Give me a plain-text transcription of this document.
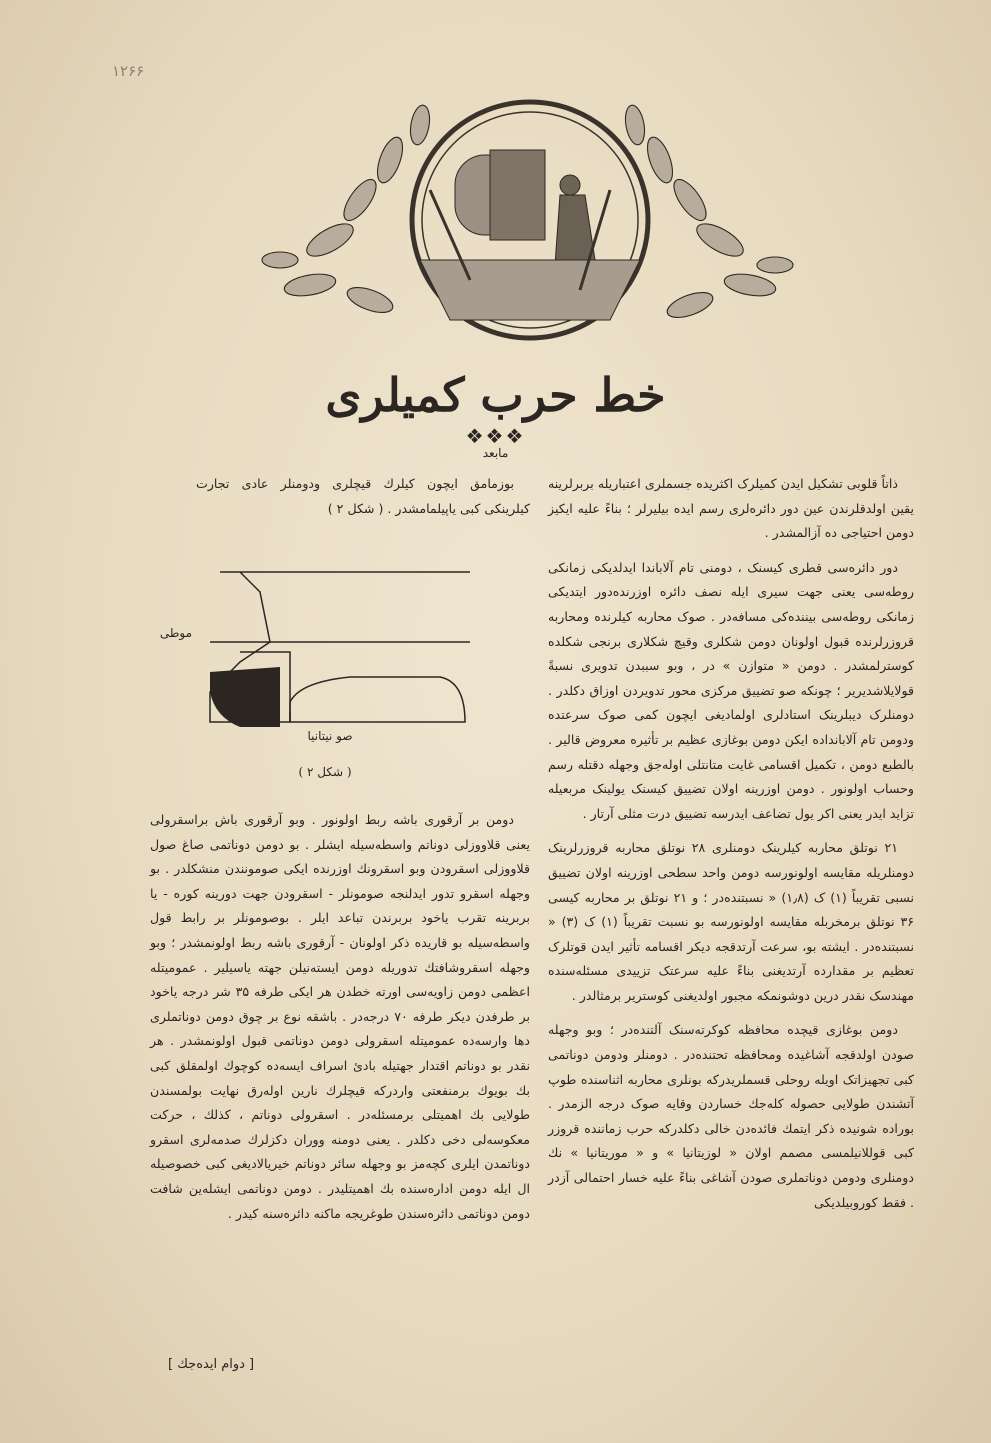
۱۲۶۶
خط حرب کمیلری
❖❖❖
مابعد

ذاتاً قلوبی تشکیل ایدن کمیلرک اکثریده جسملری اعتباریله بربرلرینه یقین اولدقلرندن عین دور دائره‌لری رسم ایده بیلیرلر ؛ بناءً علیه ایکیز دومن احتیاجی ده آزالمشدر .

دور دائره‌سی قطری کیسنک ، دومنی تام آلاباندا ایدلدیکی زمانکی روطه‌سی یعنی جهت سیری ایله نصف دائره اوزرنده‌دور ایتدیکی زمانکی روطه‌سی بیننده‌کی مسافه‌در . صوک محاربه کیلرنده ومحاربه قروزرلرنده قبول اولونان دومن شکلری وقیچ شکلاری برنجی شکلده کوسترلمشدر . دومن « متوازن » در ، وبو سببدن تدویری نسبةً قولایلاشدیریر ؛ چونکه صو تضییق مرکزی محور تدویردن اوزاق دکلدر . دومنلرک دیبلرینک استادلری اولمادیغی ایچون کمی صوک سرعتده ودومن تام آلابانداده ایکن دومن بوغازی عظیم بر تأثیره معروض قالیر . بالطبع دومن ، تکمیل اقسامی غایت متانتلی اوله‌جق وجهله دقتله رسم وحساب اولونور . دومن اوزرینه اولان تضییق کیسنک یولینک مربعیله تزاید ایدر یعنی اکر یول تضاعف ایدرسه تضییق درت مثلی آرتار .

۲۱ نوتلق محاربه کیلرینک دومنلری ۲۸ نوتلق محاربه قروزرلرینک دومنلریله مقایسه اولونورسه دومن واحد سطحی اوزرینه اولان تضییق نسبی تقریباً (۱) ک (۱٫۸) « نسبتنده‌در ؛ و ۲۱ نوتلق بر محاربه کیسی ۳۶ نوتلق برمخربله مقایسه اولونورسه بو نسبت تقریباً (۱) ک (۳) « نسبتنده‌در . ایشته بو، سرعت آرتدقجه دیکر اقسامه تأثیر ایدن قوتلرک تعظیم بر مقدارده آرتدیغنی بناءً علیه سرعتک تزییدی مسئله‌سنده مهندسک نقدر درین دوشونمکه مجبور اولدیغنی کوستریر برمثالدر .

دومن بوغازی قیچده محافظه کوکرته‌سنک آلتنده‌در ؛ وبو وجهله صودن اولدقجه آشاغیده ومحافظه تحتنده‌در . دومنلر ودومن دوناتمی کبی تجهیزاتک اویله روحلی قسملریدرکه بونلری محاربه اثناسنده طوپ آتشندن طولایی حصوله کله‌جك خساردن وقایه صوک درجه الزمدر . بوراده شونیده ذکر ایتمك فائده‌دن خالی دکلدرکه حرب زماننده قروزر کبی قوللانیلمسی مصمم اولان « لوزیتانیا » و « موریتانیا » نك دومنلری ودومن دوناتملری صودن آشاغی بناءً علیه خسار احتمالی آزدر . فقط کوروبیلدیکی

بوزمامق ایچون کیلرك قیچلری ودومنلر عادی تجارت کیلرینکی کبی یاپیلمامشدر . ( شکل ۲ )

موطی
صو نیتانیا
( شکل ۲ )

دومن بر آرقوری باشه ربط اولونور . وبو آرقوری باش براسقرولی یعنی قلاووزلی دوناتم واسطه‌سیله ایشلر . بو دومن دوناتمی صاغ صول قلاووزلی اسقرودن وبو اسقرونك اوزرنده ایکی صومونندن منشکلدر . بو وجهله اسقرو تدور ایدلنجه صومونلر - اسقرودن جهت دورینه کوره - یا بربرینه تقرب یاخود بربرندن تباعد ایلر . بوصومونلر بر رابط قول واسطه‌سیله بو قاریده ذکر اولونان - آرقوری باشه ربط اولونمشدر ؛ وبو وجهله اسقروشافتك تدوریله دومن ایستەنیلن جهته یاسیلیر . عمومیتله اعظمی دومن زاویه‌سی اورته خطدن هر ایکی طرفه ۳۵ شر درجه یاخود بر طرفدن دیکر طرفه ۷۰ درجه‌در . باشقه نوع بر چوق دومن دوناتملری دها وارسه‌ده عمومیتله اسقرولی دومن دوناتمی قبول اولونمشدر . هر نقدر بو دوناتم اقتدار جهتیله بادیٔ اسراف ایسه‌ده کوچوك اولمقلق کبی بك بویوك برمنفعتی واردرکه قیچلرك نارین اولەرق نهایت بولمسندن طولایی بك اهمیتلی برمسئله‌در . اسقرولی دوناتم ، کذلك ، حرکت معکوسه‌لی دخی دکلدر . یعنی دومنه ووران دکزلرك صدمه‌لری اسقرو دوناتمدن ایلری کچه‌مز بو وجهله سائر دوناتم خیریالادیغی کبی خصوصیله ال ایله دومن اداره‌سنده بك اهمیتلیدر . دومن دوناتمی ایشله‌ین شافت دومن دوناتمی دائره‌سندن طوغریجه ماکنه دائره‌سنه کیدر .

[ دوام ایده‌جك ]
